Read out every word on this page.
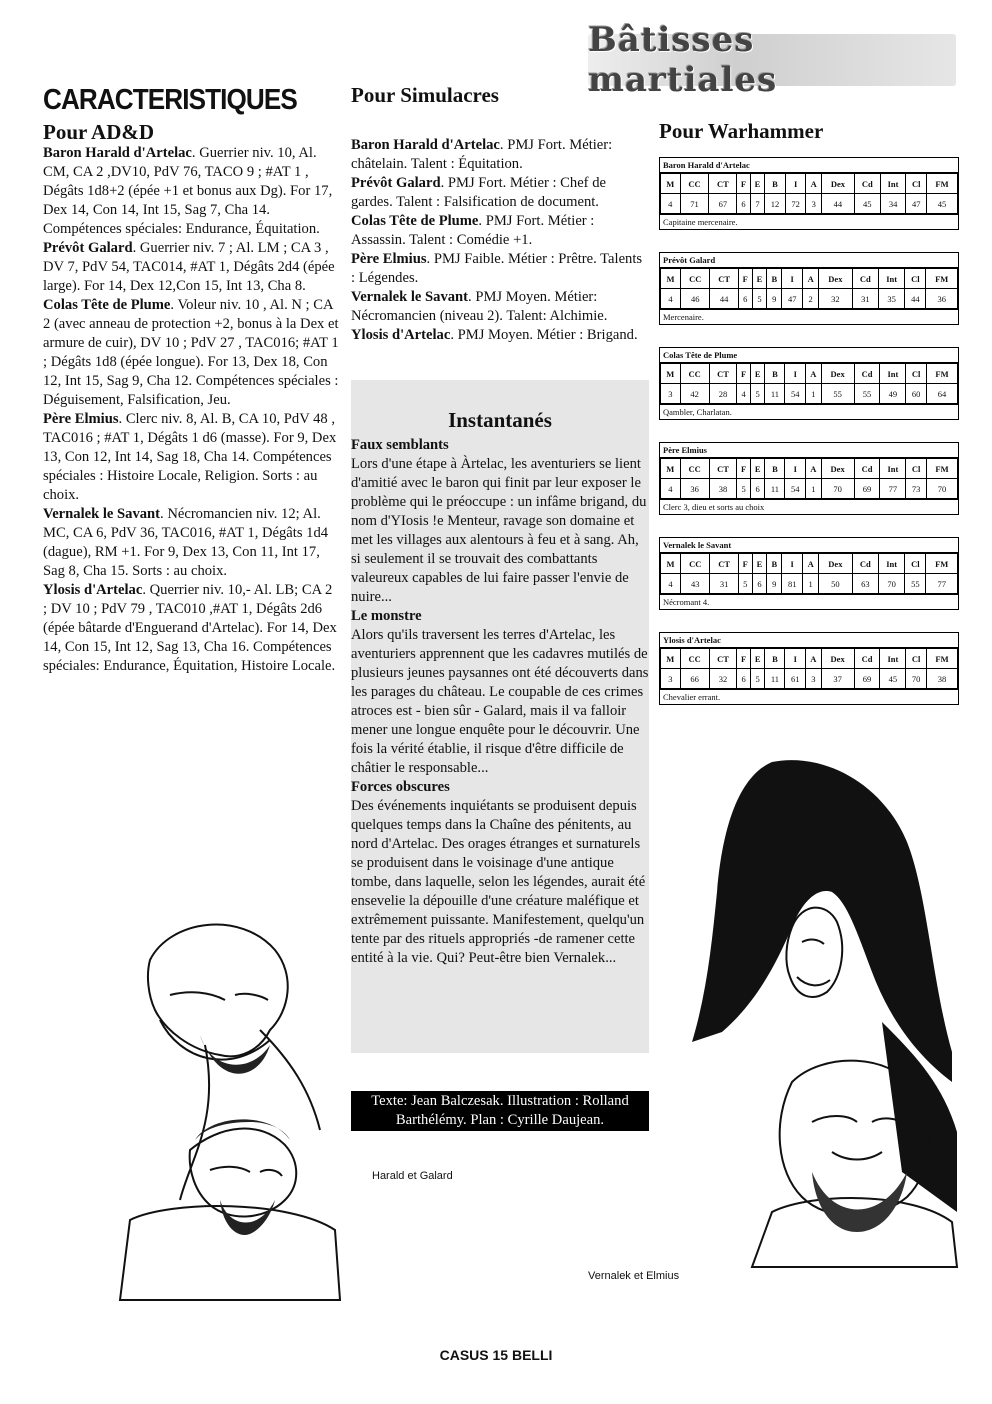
Bâtisses martiales
CARACTERISTIQUES
Pour AD&D

Baron Harald d'Artelac. Guerrier niv. 10, Al. CM, CA 2 ,DV10, PdV 76, TACO 9 ; #AT 1 , Dégâts 1d8+2 (épée +1 et bonus aux Dg). For 17, Dex 14, Con 14, Int 15, Sag 7, Cha 14. Compétences spéciales: Endurance, Équitation.

Prévôt Galard. Guerrier niv. 7 ; Al. LM ; CA 3 , DV 7, PdV 54, TAC014, #AT 1, Dégâts 2d4 (épée large). For 14, Dex 12,Con 15, Int 13, Cha 8.

Colas Tête de Plume. Voleur niv. 10 , Al. N ; CA 2 (avec anneau de protection +2, bonus à la Dex et armure de cuir), DV 10 ; PdV 27 , TAC016; #AT 1 ; Dégâts 1d8 (épée longue). For 13, Dex 18, Con 12, Int 15, Sag 9, Cha 12. Compétences spéciales : Déguisement, Falsification, Jeu.

Père Elmius. Clerc niv. 8, Al. B, CA 10, PdV 48 , TAC016 ; #AT 1, Dégâts 1 d6 (masse). For 9, Dex 13, Con 12, Int 14, Sag 18, Cha 14. Compétences spéciales : Histoire Locale, Religion. Sorts : au choix.

Vernalek le Savant. Nécromancien niv. 12; Al. MC, CA 6, PdV 36, TAC016, #AT 1, Dégâts 1d4 (dague), RM +1. For 9, Dex 13, Con 11, Int 17, Sag 8, Cha 15. Sorts : au choix.

Ylosis d'Artelac. Querrier niv. 10,- Al. LB; CA 2 ; DV 10 ; PdV 79 , TAC010 ,#AT 1, Dégâts 2d6 (épée bâtarde d'Enguerand d'Artelac). For 14, Dex 14, Con 15, Int 12, Sag 13, Cha 16. Compétences spéciales: Endurance, Équitation, Histoire Locale.

Pour Simulacres

Baron Harald d'Artelac. PMJ Fort. Métier: châtelain. Talent : Équitation.

Prévôt Galard. PMJ Fort. Métier : Chef de gardes. Talent : Falsification de document.

Colas Tête de Plume. PMJ Fort. Métier : Assassin. Talent : Comédie +1.

Père Elmius. PMJ Faible. Métier : Prêtre. Talents : Légendes.

Vernalek le Savant. PMJ Moyen. Métier: Nécromancien (niveau 2). Talent: Alchimie.

Ylosis d'Artelac. PMJ Moyen. Métier : Brigand.

Instantanés
Faux semblants

Lors d'une étape à Àrtelac, les aventuriers se lient d'amitié avec le baron qui finit par leur exposer le problème qui le préoccupe : un infâme brigand, du nom d'YIosis !e Menteur, ravage son domaine et met les villages aux alentours à feu et à sang. Ah, si seulement il se trouvait des combattants valeureux capables de lui faire passer l'envie de nuire...

Le monstre

Alors qu'ils traversent les terres d'Artelac, les aventuriers apprennent que les cadavres mutilés de plusieurs jeunes paysannes ont été découverts dans les parages du château. Le coupable de ces crimes atroces est - bien sûr - Galard, mais il va falloir mener une longue enquête pour le découvrir. Une fois la vérité établie, il risque d'être difficile de châtier le responsable...

Forces obscures

Des événements inquiétants se produisent depuis quelques temps dans la Chaîne des pénitents, au nord d'Artelac. Des orages étranges et surnaturels se produisent dans le voisinage d'une antique tombe, dans laquelle, selon les légendes, aurait été ensevelie la dépouille d'une créature maléfique et extrêmement puissante. Manifestement, quelqu'un tente par des rituels appropriés -de ramener cette entité à la vie. Qui? Peut-être bien Vernalek...

Texte: Jean Balczesak. Illustration : Rolland Barthélémy. Plan : Cyrille Daujean.
Pour Warhammer
Baron Harald d'Artelac
M	CC	CT	F	E	B	I	A	Dex	Cd	Int	Cl	FM
4	71	67	6	7	12	72	3	44	45	34	47	45
Capitaine mercenaire.
Prévôt Galard
M	CC	CT	F	E	B	I	A	Dex	Cd	Int	Cl	FM
4	46	44	6	5	9	47	2	32	31	35	44	36
Mercenaire.
Colas Tête de Plume
M	CC	CT	F	E	B	I	A	Dex	Cd	Int	Cl	FM
3	42	28	4	5	11	54	1	55	55	49	60	64
Qambler, Charlatan.
Père Elmius
M	CC	CT	F	E	B	I	A	Dex	Cd	Int	Cl	FM
4	36	38	5	6	11	54	1	70	69	77	73	70
Clerc 3, dieu et sorts au choix
Vernalek le Savant
M	CC	CT	F	E	B	I	A	Dex	Cd	Int	Cl	FM
4	43	31	5	6	9	81	1	50	63	70	55	77
Nécromant 4.
Ylosis d'Artelac
M	CC	CT	F	E	B	I	A	Dex	Cd	Int	Cl	FM
3	66	32	6	5	11	61	3	37	69	45	70	38
Chevalier errant.
Harald et Galard
Vernalek et Elmius
CASUS 15 BELLI
